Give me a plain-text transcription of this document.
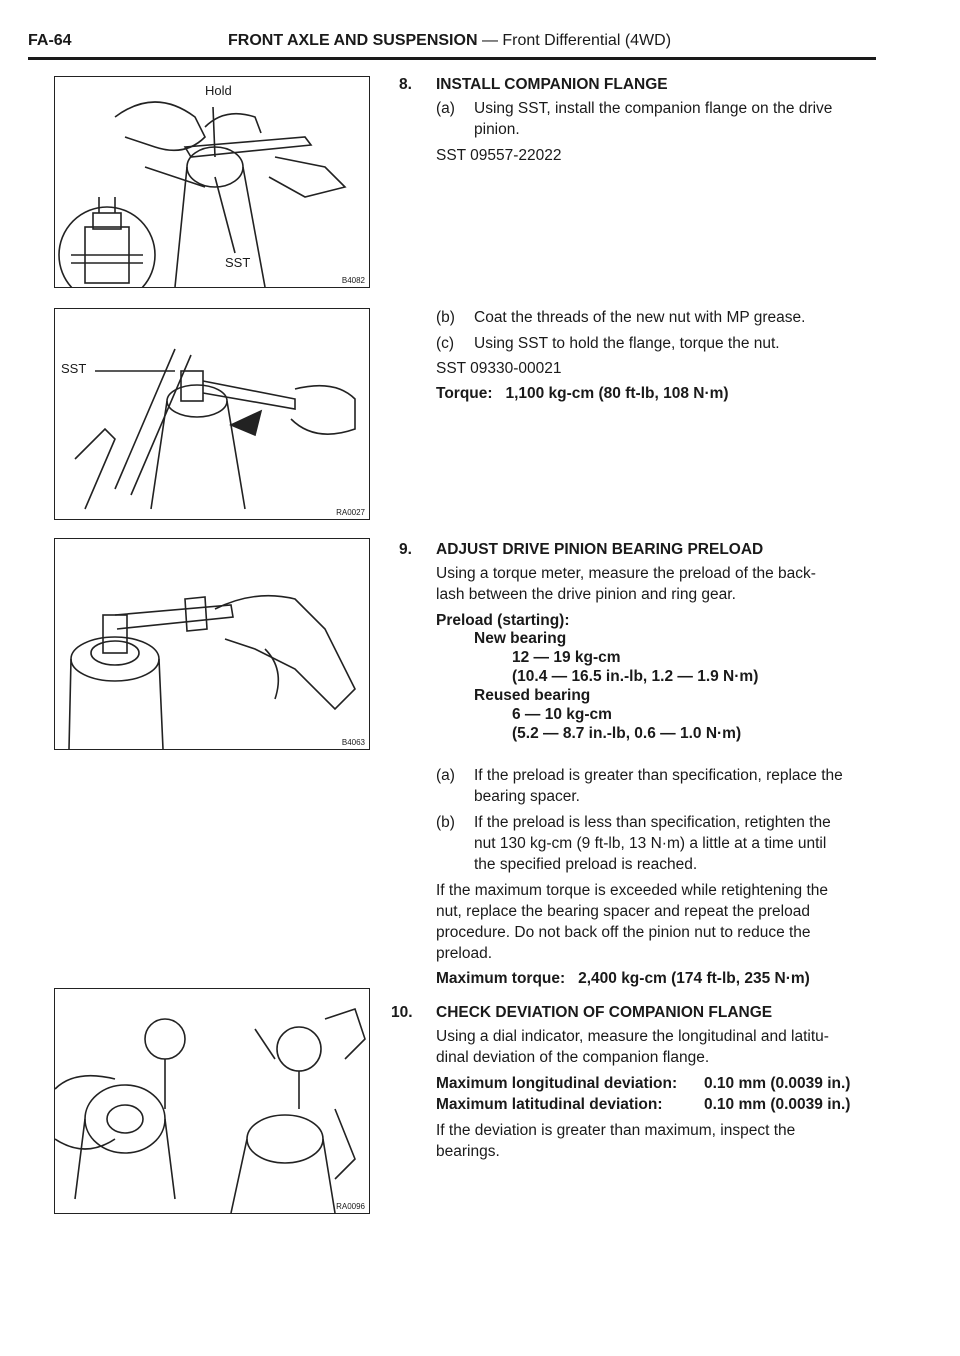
FA-64	FRONT AXLE AND SUSPENSION — Front Differential (4WD)
Hold
SST
B4082
SST
RA0027
B4063
RA0096
8. INSTALL COMPANION FLANGE
(a) Using SST, install the companion flange on the drive
pinion.
SST 09557-22022
(b) Coat the threads of the new nut with MP grease.
(c) Using SST to hold the flange, torque the nut.
SST 09330-00021
Torque:   1,100 kg-cm (80 ft-lb, 108 N·m)
9. ADJUST DRIVE PINION BEARING PRELOAD
Using a torque meter, measure the preload of the back-
lash between the drive pinion and ring gear.
Preload (starting):
New bearing
12 — 19 kg-cm
(10.4 — 16.5 in.-lb, 1.2 — 1.9 N·m)
Reused bearing
6 — 10 kg-cm
(5.2 — 8.7 in.-lb, 0.6 — 1.0 N·m)
(a) If the preload is greater than specification, replace the
bearing spacer.
(b) If the preload is less than specification, retighten the
nut 130 kg-cm (9 ft-lb, 13 N·m) a little at a time until
the specified preload is reached.
If the maximum torque is exceeded while retightening the
nut, replace the bearing spacer and repeat the preload
procedure. Do not back off the pinion nut to reduce the
preload.
Maximum torque:   2,400 kg-cm (174 ft-lb, 235 N·m)
10. CHECK DEVIATION OF COMPANION FLANGE
Using a dial indicator, measure the longitudinal and latitu-
dinal deviation of the companion flange.
Maximum longitudinal deviation: 0.10 mm (0.0039 in.)
Maximum latitudinal deviation:	0.10 mm (0.0039 in.)
If the deviation is greater than maximum, inspect the
bearings.
